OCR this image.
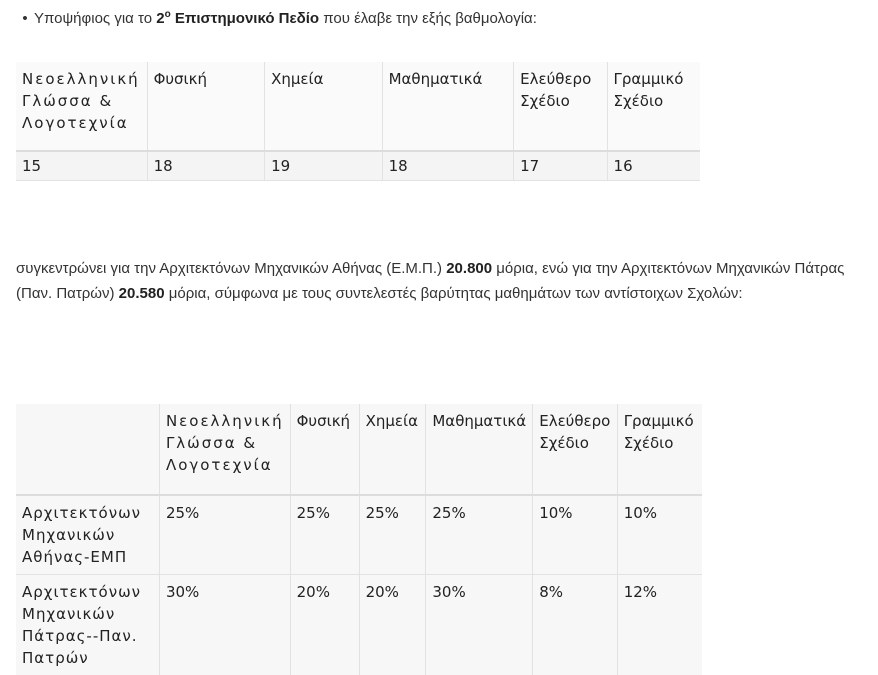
• Υποψήφιος για το $2^o$ Επιστημονικό Πεδίο που έλαβε την εξής βαθμολογία:
Νεοελληνική Γλώσσα & Λογοτεχνία	Φυσική	Χημεία	Μαθηματικά	Ελεύθερο Σχέδιο	Γραμμικό Σχέδιο
15	18	19	18	17	16
συγκεντρώνει για την Αρχιτεκτόνων Μηχανικών Αθήνας (Ε.Μ.Π.) 20.800 μόρια, ενώ για την Αρχιτεκτόνων Μηχανικών Πάτρας (Παν. Πατρών) 20.580 μόρια, σύμφωνα με τους συντελεστές βαρύτητας μαθημάτων των αντίστοιχων Σχολών:
	Νεοελληνική Γλώσσα & Λογοτεχνία	Φυσική	Χημεία	Μαθηματικά	Ελεύθερο Σχέδιο	Γραμμικό Σχέδιο
Αρχιτεκτόνων Μηχανικών Αθήνας-ΕΜΠ	25%	25%	25%	25%	10%	10%
Αρχιτεκτόνων Μηχανικών Πάτρας--Παν. Πατρών	30%	20%	20%	30%	8%	12%
